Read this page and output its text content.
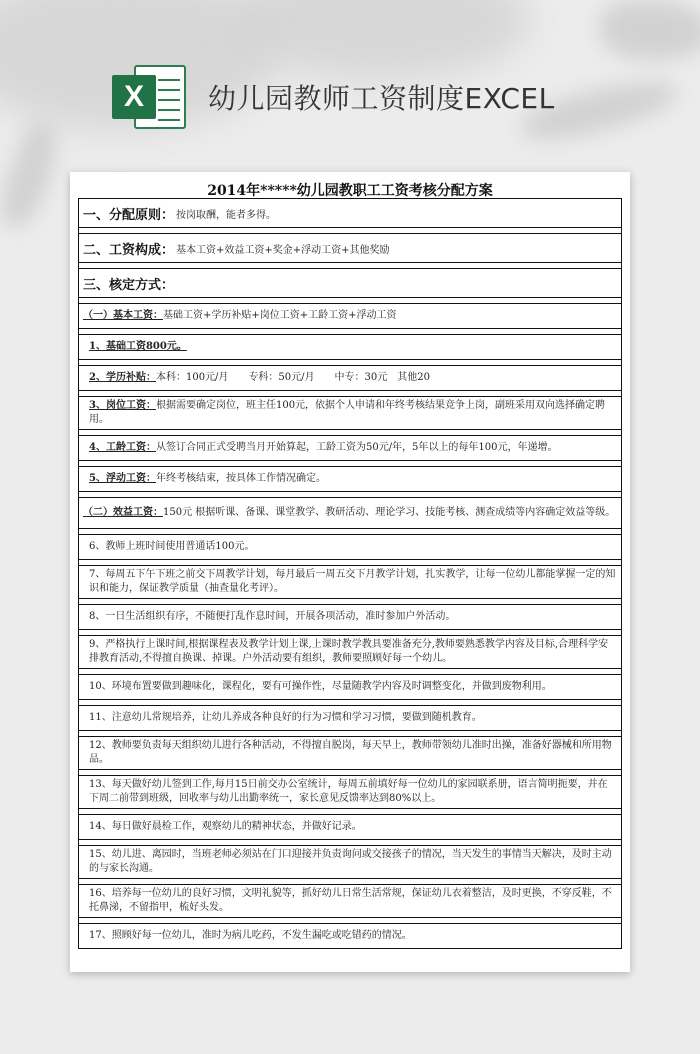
X	幼儿园教师工资制度EXCEL
2014年*****幼儿园教职工工资考核分配方案
一、分配原则： 按岗取酬，能者多得。
二、工资构成： 基本工资+效益工资+奖金+浮动工资+其他奖励
三、核定方式：
（一）基本工资：基础工资+学历补贴+岗位工资+工龄工资+浮动工资
1、基础工资800元。
2、学历补贴：本科：100元/月　　专科：50元/月　　中专：30元　其他20
3、岗位工资：根据需要确定岗位，班主任100元，依据个人申请和年终考核结果竞争上岗，副班采用双向选择确定聘用。
4、工龄工资：从签订合同正式受聘当月开始算起，工龄工资为50元/年，5年以上的每年100元，年递增。
5、浮动工资：年终考核结束，按具体工作情况确定。
（二）效益工资：150元 根据听课、备课、课堂教学、教研活动、理论学习、技能考核、测查成绩等内容确定效益等级。
6、教师上班时间使用普通话100元。
7、每周五下午下班之前交下周教学计划，每月最后一周五交下月教学计划，扎实教学，让每一位幼儿都能掌握一定的知识和能力，保证教学质量（抽查量化考评）。
8、一日生活组织有序，不随便打乱作息时间，开展各项活动，准时参加户外活动。
9、严格执行上课时间,根据课程表及教学计划上课,上课时教学教具要准备充分,教师要熟悉教学内容及目标,合理科学安排教育活动,不得擅自换课、掉课。户外活动要有组织，教师要照顾好每一个幼儿。
10、环境布置要做到趣味化，课程化，要有可操作性，尽量随教学内容及时调整变化，并做到废物利用。
11、注意幼儿常规培养，让幼儿养成各种良好的行为习惯和学习习惯，要做到随机教育。
12、教师要负责每天组织幼儿进行各种活动，不得擅自脱岗，每天早上，教师带领幼儿准时出操，准备好器械和所用物品。
13、每天做好幼儿签到工作,每月15日前交办公室统计，每周五前填好每一位幼儿的家园联系册，语言简明扼要，并在下周二前带到班级，回收率与幼儿出勤率统一，家长意见反馈率达到80%以上。
14、每日做好晨检工作，观察幼儿的精神状态，并做好记录。
15、幼儿进、离园时，当班老师必须站在门口迎接并负责询问或交接孩子的情况，当天发生的事情当天解决，及时主动的与家长沟通。
16、培养每一位幼儿的良好习惯，文明礼貌等，抓好幼儿日常生活常规，保证幼儿衣着整洁，及时更换，不穿反鞋，不托鼻涕，不留指甲，梳好头发。
17、照顾好每一位幼儿，准时为病儿吃药，不发生漏吃或吃错药的情况。
